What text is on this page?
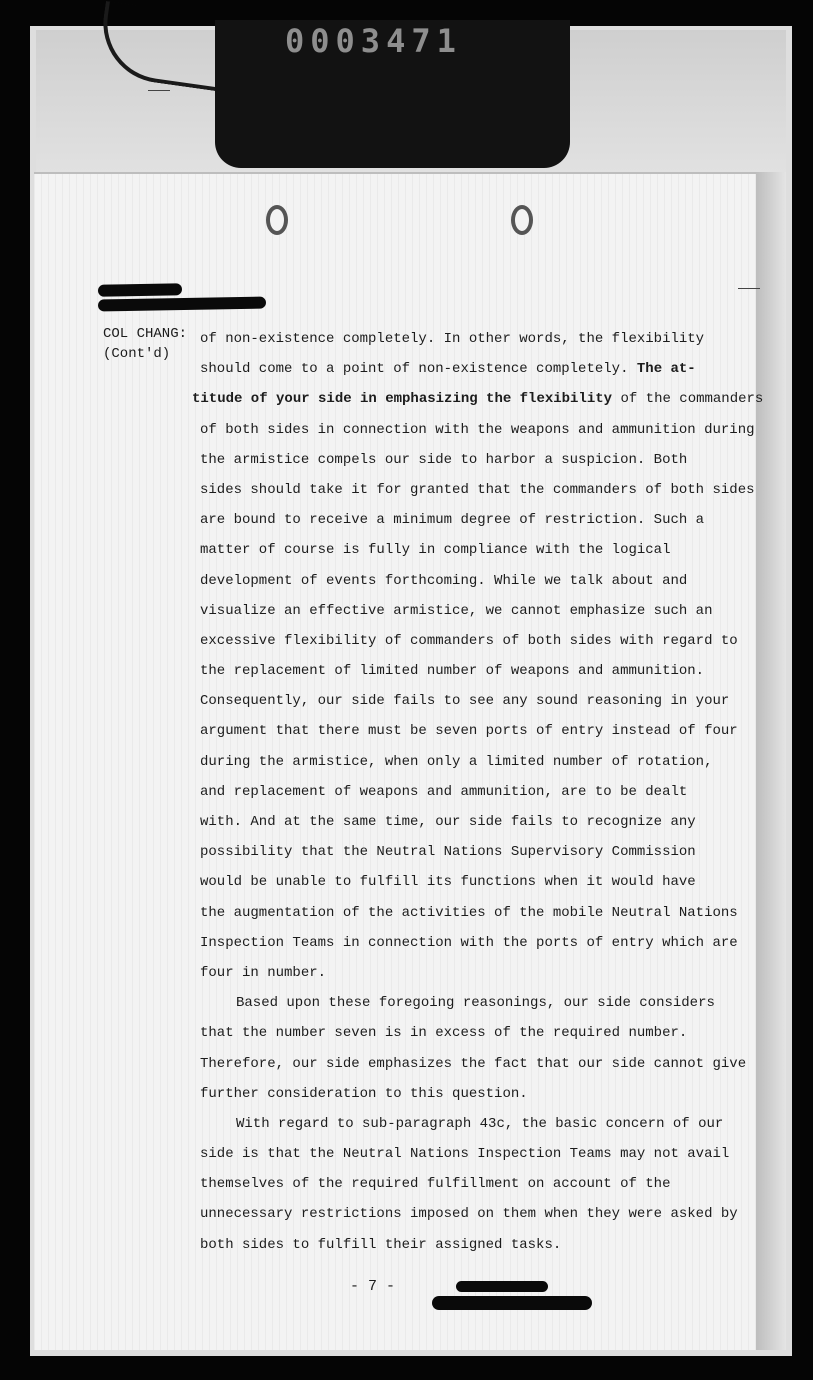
0003471
COL CHANG:
(Cont'd)
of non-existence completely. In other words, the flexibility
should come to a point of non-existence completely. The at-
titude of your side in emphasizing the flexibility of the commanders
of both sides in connection with the weapons and ammunition during
the armistice compels our side to harbor a suspicion. Both
sides should take it for granted that the commanders of both sides
are bound to receive a minimum degree of restriction. Such a
matter of course is fully in compliance with the logical
development of events forthcoming. While we talk about and
visualize an effective armistice, we cannot emphasize such an
excessive flexibility of commanders of both sides with regard to
the replacement of limited number of weapons and ammunition.
Consequently, our side fails to see any sound reasoning in your
argument that there must be seven ports of entry instead of four
during the armistice, when only a limited number of rotation,
and replacement of weapons and ammunition, are to be dealt
with. And at the same time, our side fails to recognize any
possibility that the Neutral Nations Supervisory Commission
would be unable to fulfill its functions when it would have
the augmentation of the activities of the mobile Neutral Nations
Inspection Teams in connection with the ports of entry which are
four in number.
Based upon these foregoing reasonings, our side considers
that the number seven is in excess of the required number.
Therefore, our side emphasizes the fact that our side cannot give
further consideration to this question.
With regard to sub-paragraph 43c, the basic concern of our
side is that the Neutral Nations Inspection Teams may not avail
themselves of the required fulfillment on account of the
unnecessary restrictions imposed on them when they were asked by
both sides to fulfill their assigned tasks.
- 7 -
